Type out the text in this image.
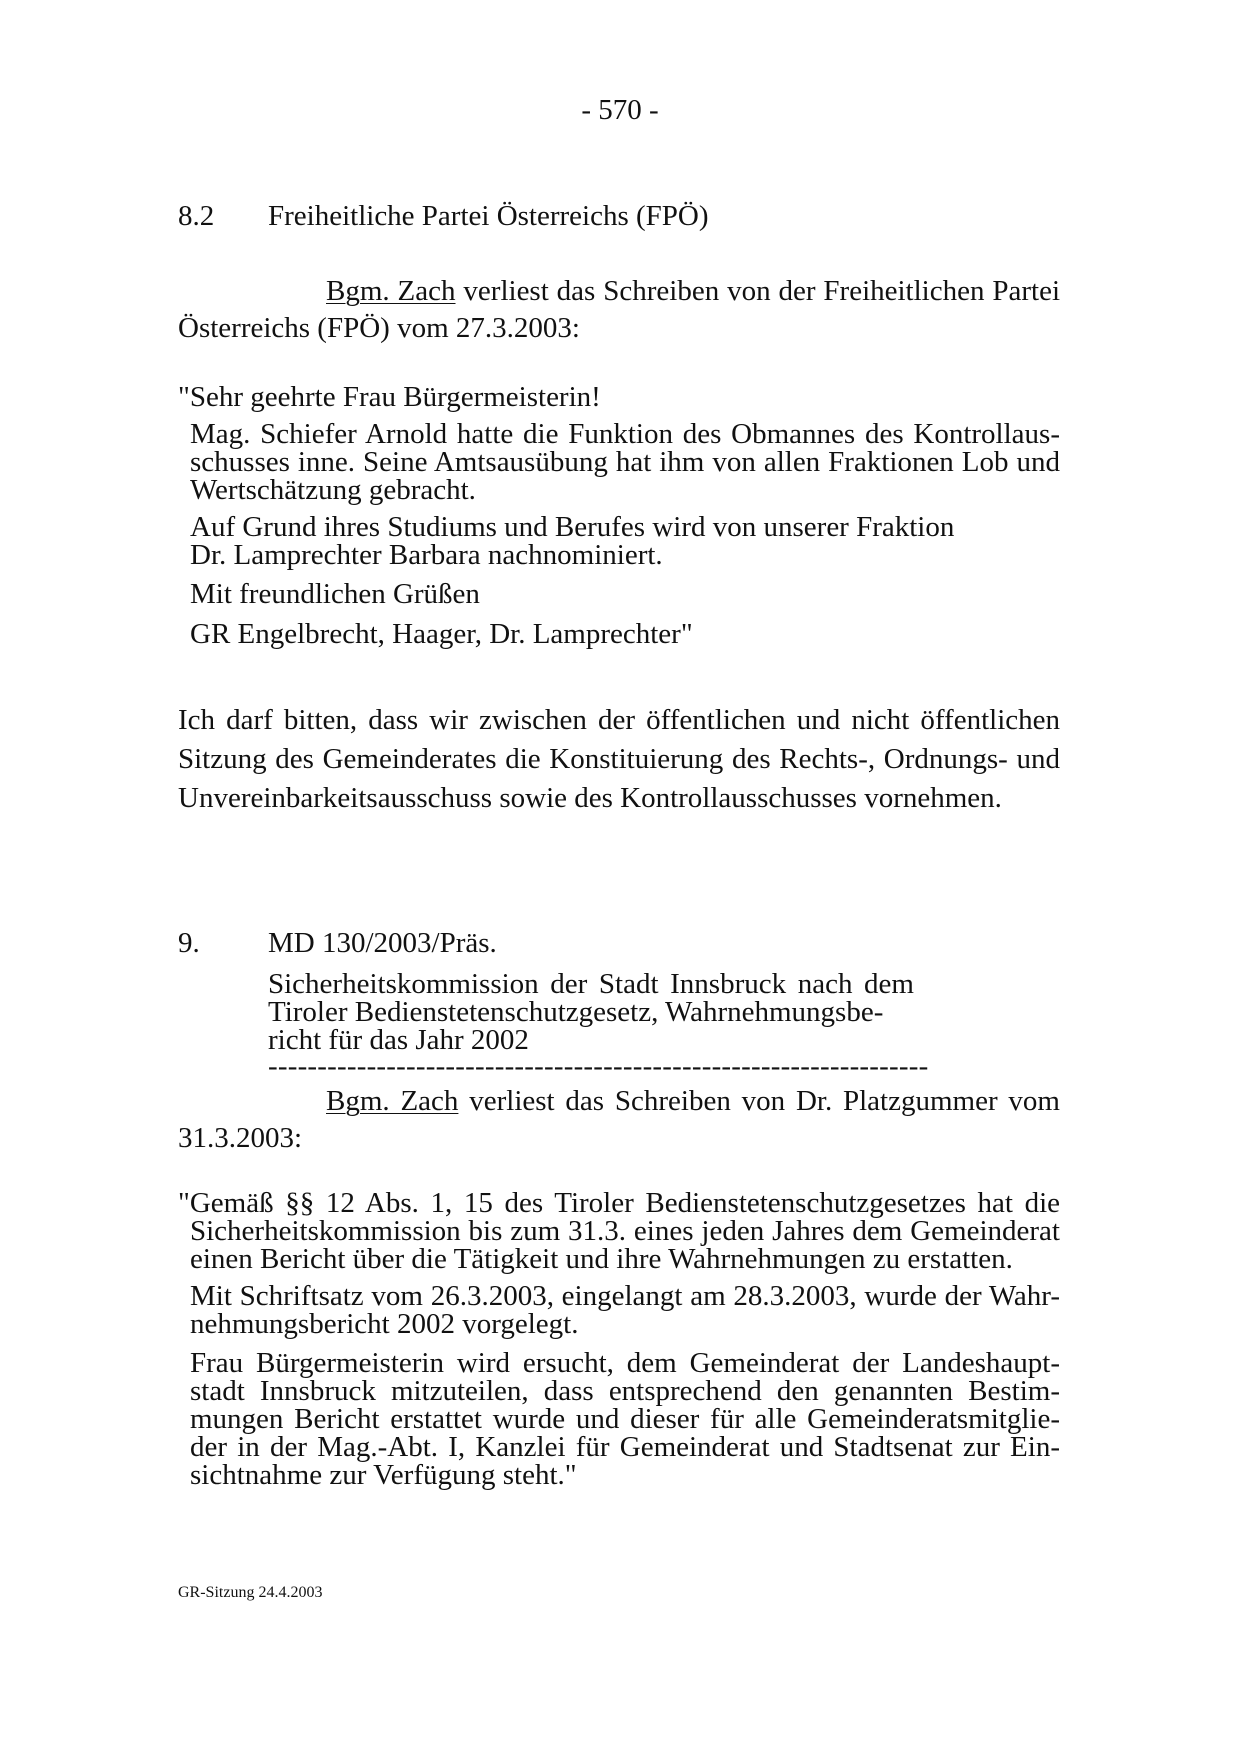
- 570 -
8.2 Freiheitliche Partei Österreichs (FPÖ)
Bgm. Zach verliest das Schreiben von der Freiheitlichen Partei
Österreichs (FPÖ) vom 27.3.2003:
"Sehr geehrte Frau Bürgermeisterin!
Mag. Schiefer Arnold hatte die Funktion des Obmannes des Kontrollaus-
schusses inne. Seine Amtsausübung hat ihm von allen Fraktionen Lob und
Wertschätzung gebracht.
Auf Grund ihres Studiums und Berufes wird von unserer Fraktion
Dr. Lamprechter Barbara nachnominiert.
Mit freundlichen Grüßen
GR Engelbrecht, Haager, Dr. Lamprechter"
Ich darf bitten, dass wir zwischen der öffentlichen und nicht öffentlichen
Sitzung des Gemeinderates die Konstituierung des Rechts-, Ordnungs- und
Unvereinbarkeitsausschuss sowie des Kontrollausschusses vornehmen.
9. MD 130/2003/Präs.
Sicherheitskommission der Stadt Innsbruck nach dem
Tiroler Bedienstetenschutzgesetz, Wahrnehmungsbe-
richt für das Jahr 2002
-------------------------------------------------------------------
Bgm. Zach verliest das Schreiben von Dr. Platzgummer vom
31.3.2003:
"Gemäß §§ 12 Abs. 1, 15 des Tiroler Bedienstetenschutzgesetzes hat die
Sicherheitskommission bis zum 31.3. eines jeden Jahres dem Gemeinderat
einen Bericht über die Tätigkeit und ihre Wahrnehmungen zu erstatten.
Mit Schriftsatz vom 26.3.2003, eingelangt am 28.3.2003, wurde der Wahr-
nehmungsbericht 2002 vorgelegt.
Frau Bürgermeisterin wird ersucht, dem Gemeinderat der Landeshaupt-
stadt Innsbruck mitzuteilen, dass entsprechend den genannten Bestim-
mungen Bericht erstattet wurde und dieser für alle Gemeinderatsmitglie-
der in der Mag.-Abt. I, Kanzlei für Gemeinderat und Stadtsenat zur Ein-
sichtnahme zur Verfügung steht."
GR-Sitzung 24.4.2003
